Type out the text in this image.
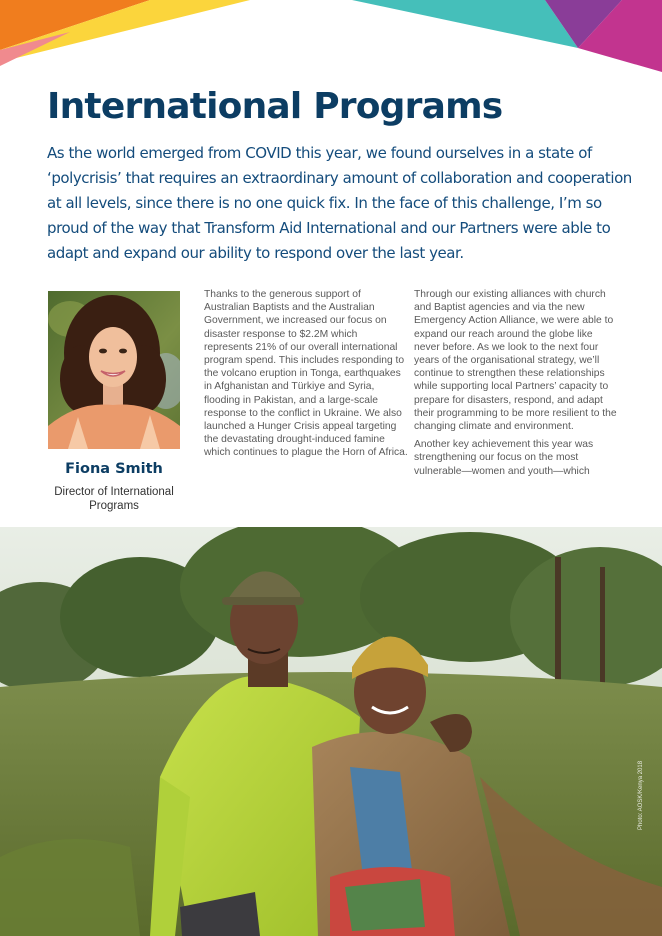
International Programs

As the world emerged from COVID this year, we found ourselves in a state of ‘polycrisis’ that requires an extraordinary amount of collaboration and cooperation at all levels, since there is no one quick fix. In the face of this challenge, I’m so proud of the way that Transform Aid International and our Partners were able to adapt and expand our ability to respond over the last year.

Fiona Smith
Director of International Programs

Thanks to the generous support of Australian Baptists and the Australian Government, we increased our focus on disaster response to $2.2M which represents 21% of our overall international program spend. This includes responding to the volcano eruption in Tonga, earthquakes in Afghanistan and Türkiye and Syria, flooding in Pakistan, and a large-scale response to the conflict in Ukraine. We also launched a Hunger Crisis appeal targeting the devastating drought-induced famine which continues to plague the Horn of Africa.

Through our existing alliances with church and Baptist agencies and via the new Emergency Action Alliance, we were able to expand our reach around the globe like never before. As we look to the next four years of the organisational strategy, we’ll continue to strengthen these relationships while supporting local Partners’ capacity to prepare for disasters, respond, and adapt their programming to be more resilient to the changing climate and environment.

Another key achievement this year was strengthening our focus on the most vulnerable—women and youth—which

Photo: AOSK/Kenya 2018
